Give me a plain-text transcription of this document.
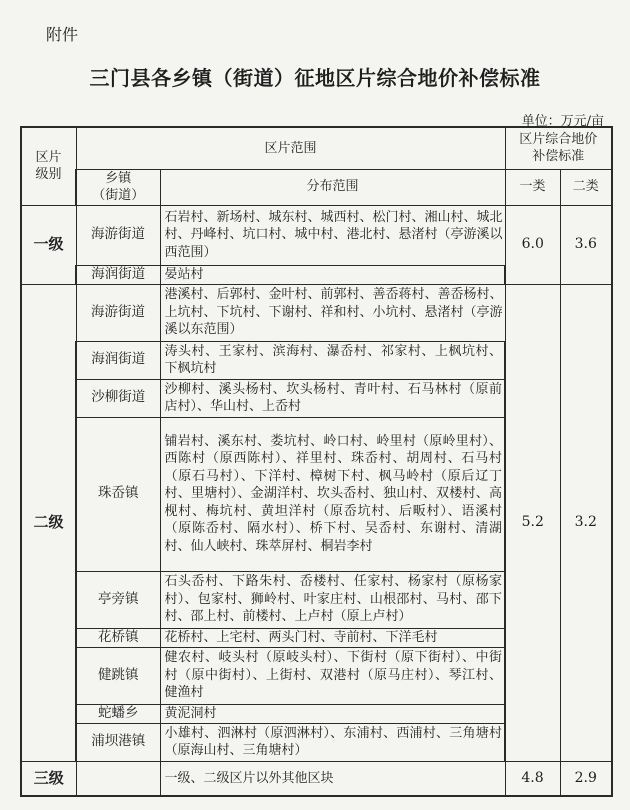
附件
三门县各乡镇（街道）征地区片综合地价补偿标准
单位：万元/亩
区片
级别	区片范围		区片综合地价
补偿标准	
	乡镇
（街道）	分布范围	一类	二类
一级	海游街道	石岩村、新场村、城东村、城西村、松门村、湘山村、城北村、丹峰村、坑口村、城中村、港北村、悬渚村（亭游溪以西范围）	6.0	3.6
	海润街道	晏站村		
二级	海游街道	港溪村、后郭村、金叶村、前郭村、善岙蒋村、善岙杨村、上坑村、下坑村、下谢村、祥和村、小坑村、悬渚村（亭游溪以东范围）	5.2	3.2
	海润街道	涛头村、王家村、滨海村、瀑岙村、祁家村、上枫坑村、下枫坑村		
	沙柳街道	沙柳村、溪头杨村、坎头杨村、青叶村、石马林村（原前店村）、华山村、上岙村		
	珠岙镇	铺岩村、溪东村、娄坑村、岭口村、岭里村（原岭里村）、西陈村（原西陈村）、祥里村、珠岙村、胡周村、石马村（原石马村）、下洋村、樟树下村、枫马岭村（原后辽丁村、里塘村）、金湖洋村、坎头岙村、独山村、双楼村、高枧村、梅坑村、黄坦洋村（原岙坑村、后畈村）、语溪村（原陈岙村、隔水村）、桥下村、吴岙村、东谢村、清湖村、仙人峡村、珠萃屏村、桐岩李村		
	亭旁镇	石头岙村、下路朱村、岙楼村、任家村、杨家村（原杨家村）、包家村、狮岭村、叶家庄村、山根邵村、马村、邵下村、邵上村、前楼村、上卢村（原上卢村）		
	花桥镇	花桥村、上宅村、两头门村、寺前村、下洋毛村		
	健跳镇	健农村、岐头村（原岐头村）、下街村（原下街村）、中街村（原中街村）、上街村、双港村（原马庄村）、琴江村、健渔村		
	蛇蟠乡	黄泥洞村		
	浦坝港镇	小雄村、泗淋村（原泗淋村）、东浦村、西浦村、三角塘村（原海山村、三角塘村）		
三级		一级、二级区片以外其他区块	4.8	2.9
